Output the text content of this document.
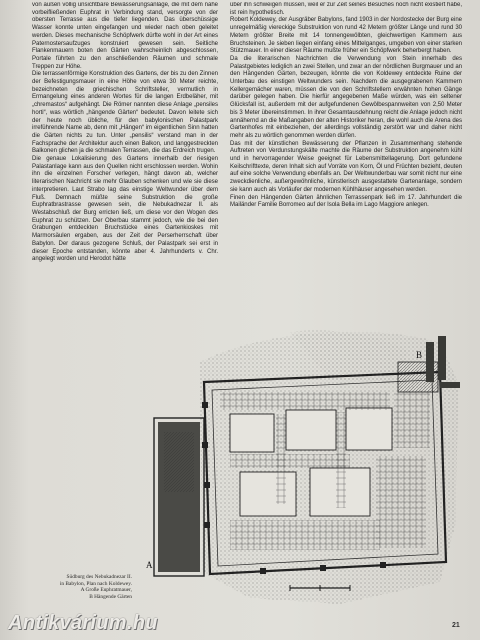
von außen völlig unsichtbare Bewässerungsanlage, die mit dem nahe vorbeifließenden Euphrat in Verbindung stand, versorgte von der obersten Terrasse aus die tiefer liegenden. Das überschüssige Wasser konnte unten eingefangen und wieder nach oben geleitet werden. Dieses mechanische Schöpfwerk dürfte wohl in der Art eines Paternostersaufzuges konstruiert gewesen sein. Seitliche Flankenmauern boten den Gärten wahrscheinlich abgeschlossen, Portale führten zu den anschließenden Räumen und schmale Treppen zur Höhe.

Die terrassenförmige Konstruktion des Gartens, der bis zu den Zinnen der Befestigungsmauer in eine Höhe von etwa 30 Meter reichte, bezeichneten die griechischen Schriftsteller, vermutlich in Ermangelung eines anderen Wortes für die langen Erdbeläher, mit „chremastos“ aufgehängt. Die Römer nannten diese Anlage „pensiles horti“, was wörtlich „hängende Gärten“ bedeutet. Davon leitete sich der heute noch übliche, für den babylonischen Palastpark irreführende Name ab, denn mit „Hängen“ im eigentlichen Sinn hatten die Gärten nichts zu tun. Unter „pensilis“ verstand man in der Fachsprache der Architektur auch einen Balkon, und langgestreckten Balkonen glichen ja die schmalen Terrassen, die das Erdreich trugen.

Die genaue Lokalisierung des Gartens innerhalb der riesigen Palastanlage kann aus den Quellen nicht erschlossen werden. Wohin ihn die einzelnen Forscher verlegen, hängt davon ab, welcher literarischen Nachricht sie mehr Glauben schenken und wie sie diese interpretieren. Laut Strabo lag das einstige Weltwunder über dem Fluß. Demnach müßte seine Substruktion die große Euphratbrastrasse gewesen sein, die Nebukadnezar II. als Westabschluß der Burg erricten ließ, um diese vor den Wogen des Euphrat zu schützen. Der Oberbau stammt jedoch, wie die bei den Grabungen entdeckten Bruchstücke eines Gartenkioskes mit Marmorsäulen ergaben, aus der Zeit der Perserherrschaft über Babylon. Der daraus gezogene Schluß, der Palastpark sei erst in dieser Epoche entstanden, könnte aber 4. Jahrhunderts v. Chr. angelegt worden und Herodot hätte

über ihn schweigen müssen, weil er zur Zeit seines Besuches noch nicht existiert habe, ist rein hypothetisch.

Robert Koldewey, der Ausgräber Babylons, fand 1903 in der Nordostecke der Burg eine unregelmäßig viereckige Substruktion von rund 42 Metern größter Länge und rund 30 Metern größter Breite mit 14 tonnengewölbten, gleichwertigen Kammern aus Bruchsteinen. Je sieben liegen einfang eines Mittelganges, umgeben von einer starken Stützmauer. In einer dieser Räume mußte früher ein Schöpfwerk beherbergt haben.

Da die literarischen Nachrichten die Verwendung von Stein innerhalb des Palastgebietes lediglich an zwei Stellen, und zwar an der nördlichen Burgmauer und an den Hängenden Gärten, bezeugen, könnte die von Koldewey entdeckte Ruine der Unterbau des einstigen Weltwunders sein. Nachdem die ausgegrabenen Kammern Kellergemächer waren, müssen die von den Schriftstellern erwähnten hohen Gänge darüber gelegen haben. Die hierfür angegebenen Maße würden, was ein seltener Glücksfall ist, außerdem mit der aufgefundenen Gewölbespannweiten von 2,50 Meter bis 3 Meter übereinstimmen. In ihrer Gesamtausdehnung reicht die Anlage jedoch nicht annähernd an die Maßangaben der alten Historiker heran, die wohl auch die Arena des Gartenhofes mit einbeziehen, der allerdings vollständig zerstört war und daher nicht mehr als zu wörtlich genommen werden dürfen.

Das mit der künstlichen Bewässerung der Pflanzen in Zusammenhang stehende Auftreten von Verdunstungskälte machte die Räume der Substruktion angenehm kühl und in hervorragender Weise geeignet für Lebensmittellagerung. Dort gefundene Keilschrifttexte, deren Inhalt sich auf Vorräte von Korn, Öl und Früchten bezieht, deuten auf eine solche Verwendung ebenfalls an. Der Weltwunderbau war somit nicht nur eine zweckdienliche, außergewöhnliche, künstlerisch ausgestattete Gartenanlage, sondern sie kann auch als Vorläufer der modernen Kühlhäuser angesehen werden.

Finen den Hängenden Gärten ähnlichen Terrassenpark ließ im 17. Jahrhundert die Mailänder Familie Borromeo auf der Isola Bella im Lago Maggiore anlegen.

A
B
Südburg des Nebukadnezar II.
in Babylon, Plan nach Koldewey.
A Große Euphratmauer,
B Hängende Gärten
Antikvárium.hu	21
